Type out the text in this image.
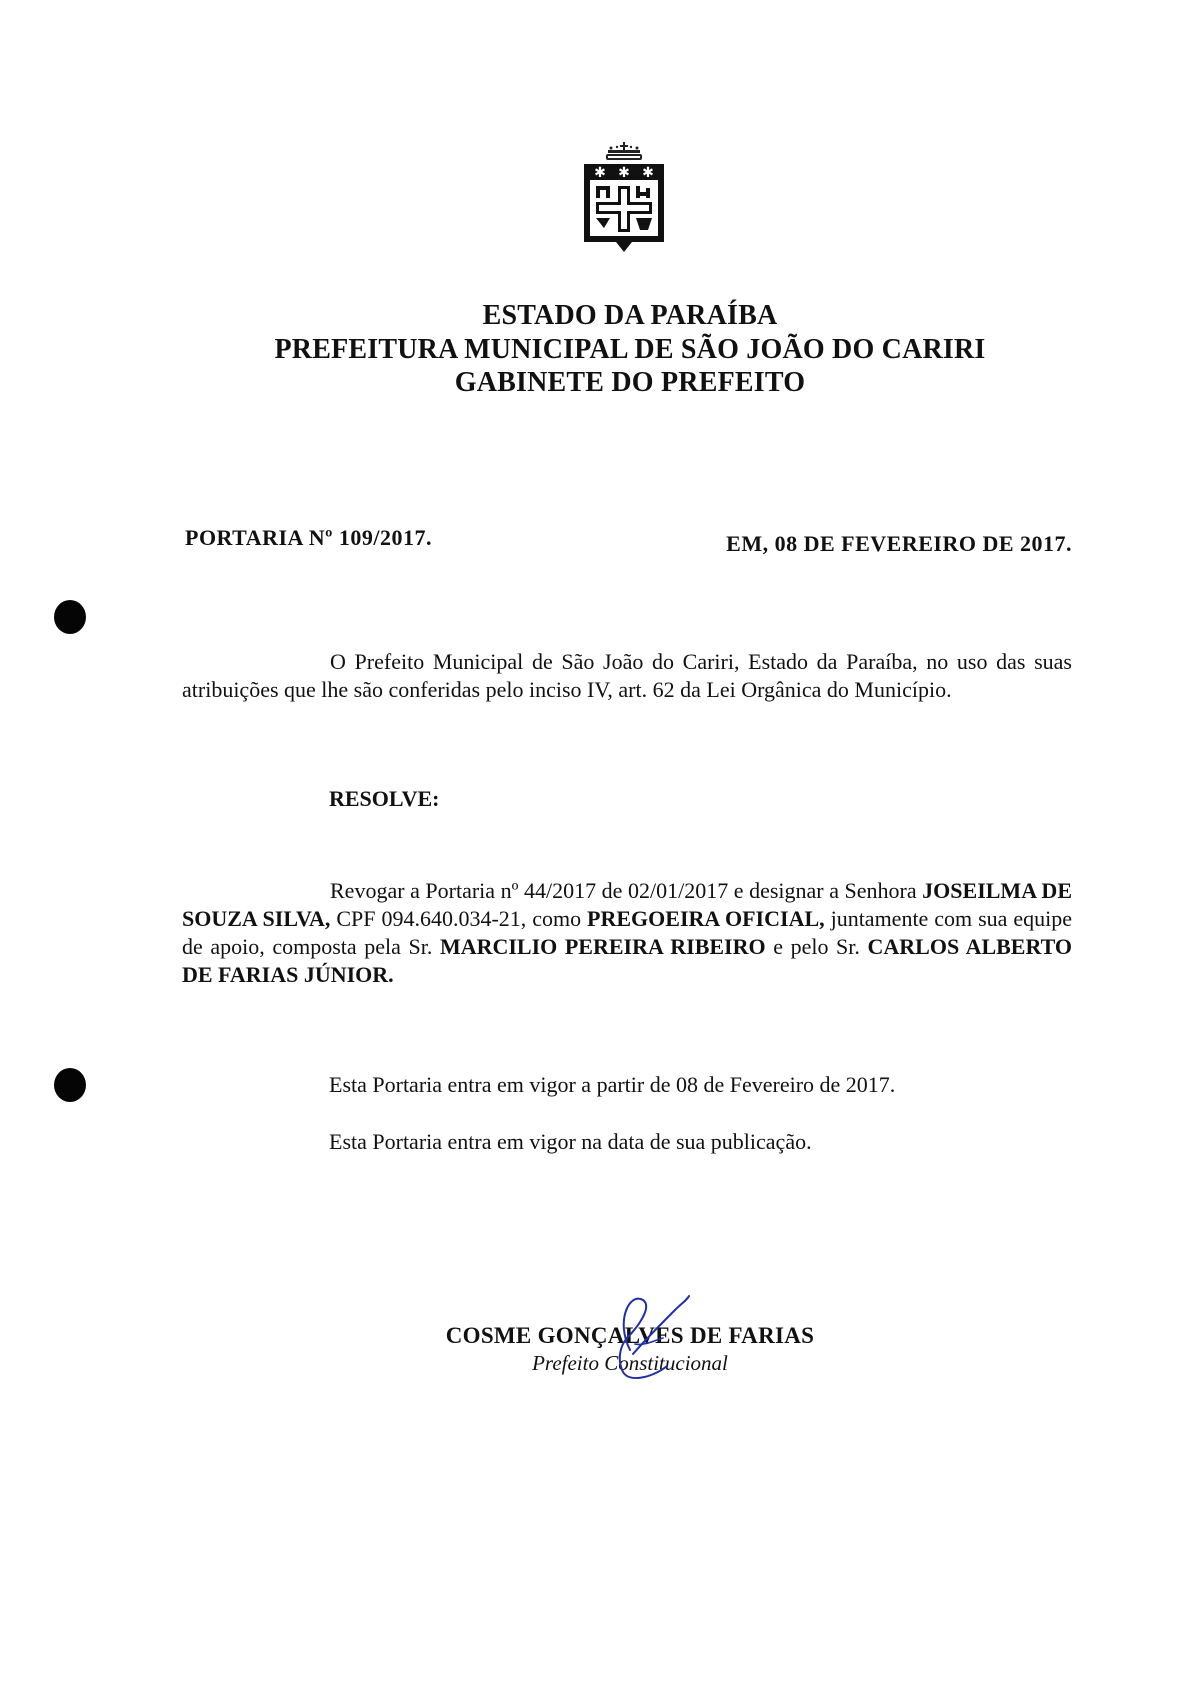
✱ ✱ ✱
ESTADO DA PARAÍBA
PREFEITURA MUNICIPAL DE SÃO JOÃO DO CARIRI
GABINETE DO PREFEITO
PORTARIA Nº 109/2017.	EM, 08 DE FEVEREIRO DE 2017.
O Prefeito Municipal de São João do Cariri, Estado da Paraíba, no uso das suas atribuições que lhe são conferidas pelo inciso IV, art. 62 da Lei Orgânica do Município.
RESOLVE:
Revogar a Portaria nº 44/2017 de 02/01/2017 e designar a Senhora JOSEILMA DE SOUZA SILVA, CPF 094.640.034-21, como PREGOEIRA OFICIAL, juntamente com sua equipe de apoio, composta pela Sr. MARCILIO PEREIRA RIBEIRO e pelo Sr. CARLOS ALBERTO DE FARIAS JÚNIOR.
Esta Portaria entra em vigor a partir de 08 de Fevereiro de 2017.
Esta Portaria entra em vigor na data de sua publicação.
COSME GONÇALVES DE FARIAS
Prefeito Constitucional
